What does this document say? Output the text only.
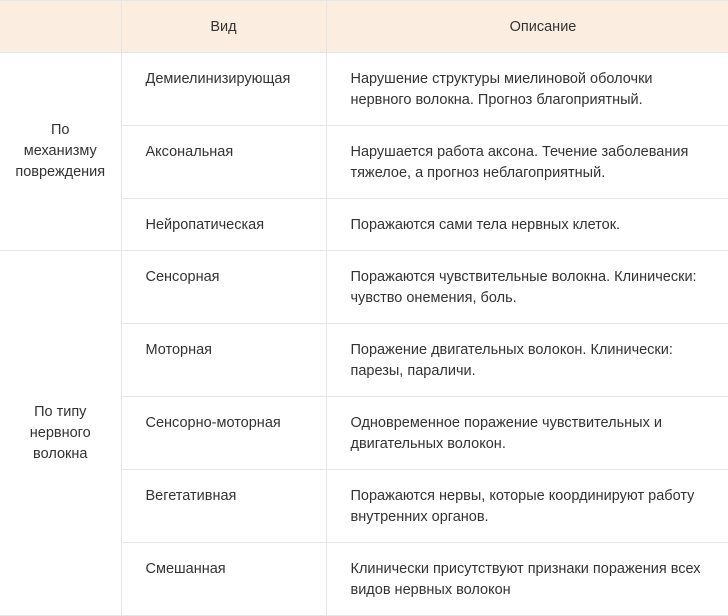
	Вид	Описание

По
механизму
повреждения	Демиелинизирующая	Нарушение структуры миелиновой оболочки
нервного волокна. Прогноз благоприятный.

	Аксональная	Нарушается работа аксона. Течение заболевания
тяжелое, а прогноз неблагоприятный.

	Нейропатическая	Поражаются сами тела нервных клеток.

По типу
нервного
волокна	Сенсорная	Поражаются чувствительные волокна. Клинически:
чувство онемения, боль.

	Моторная	Поражение двигательных волокон. Клинически:
парезы, параличи.

	Сенсорно-моторная	Одновременное поражение чувствительных и
двигательных волокон.

	Вегетативная	Поражаются нервы, которые координируют работу
внутренних органов.

	Смешанная	Клинически присутствуют признаки поражения всех
видов нервных волокон
